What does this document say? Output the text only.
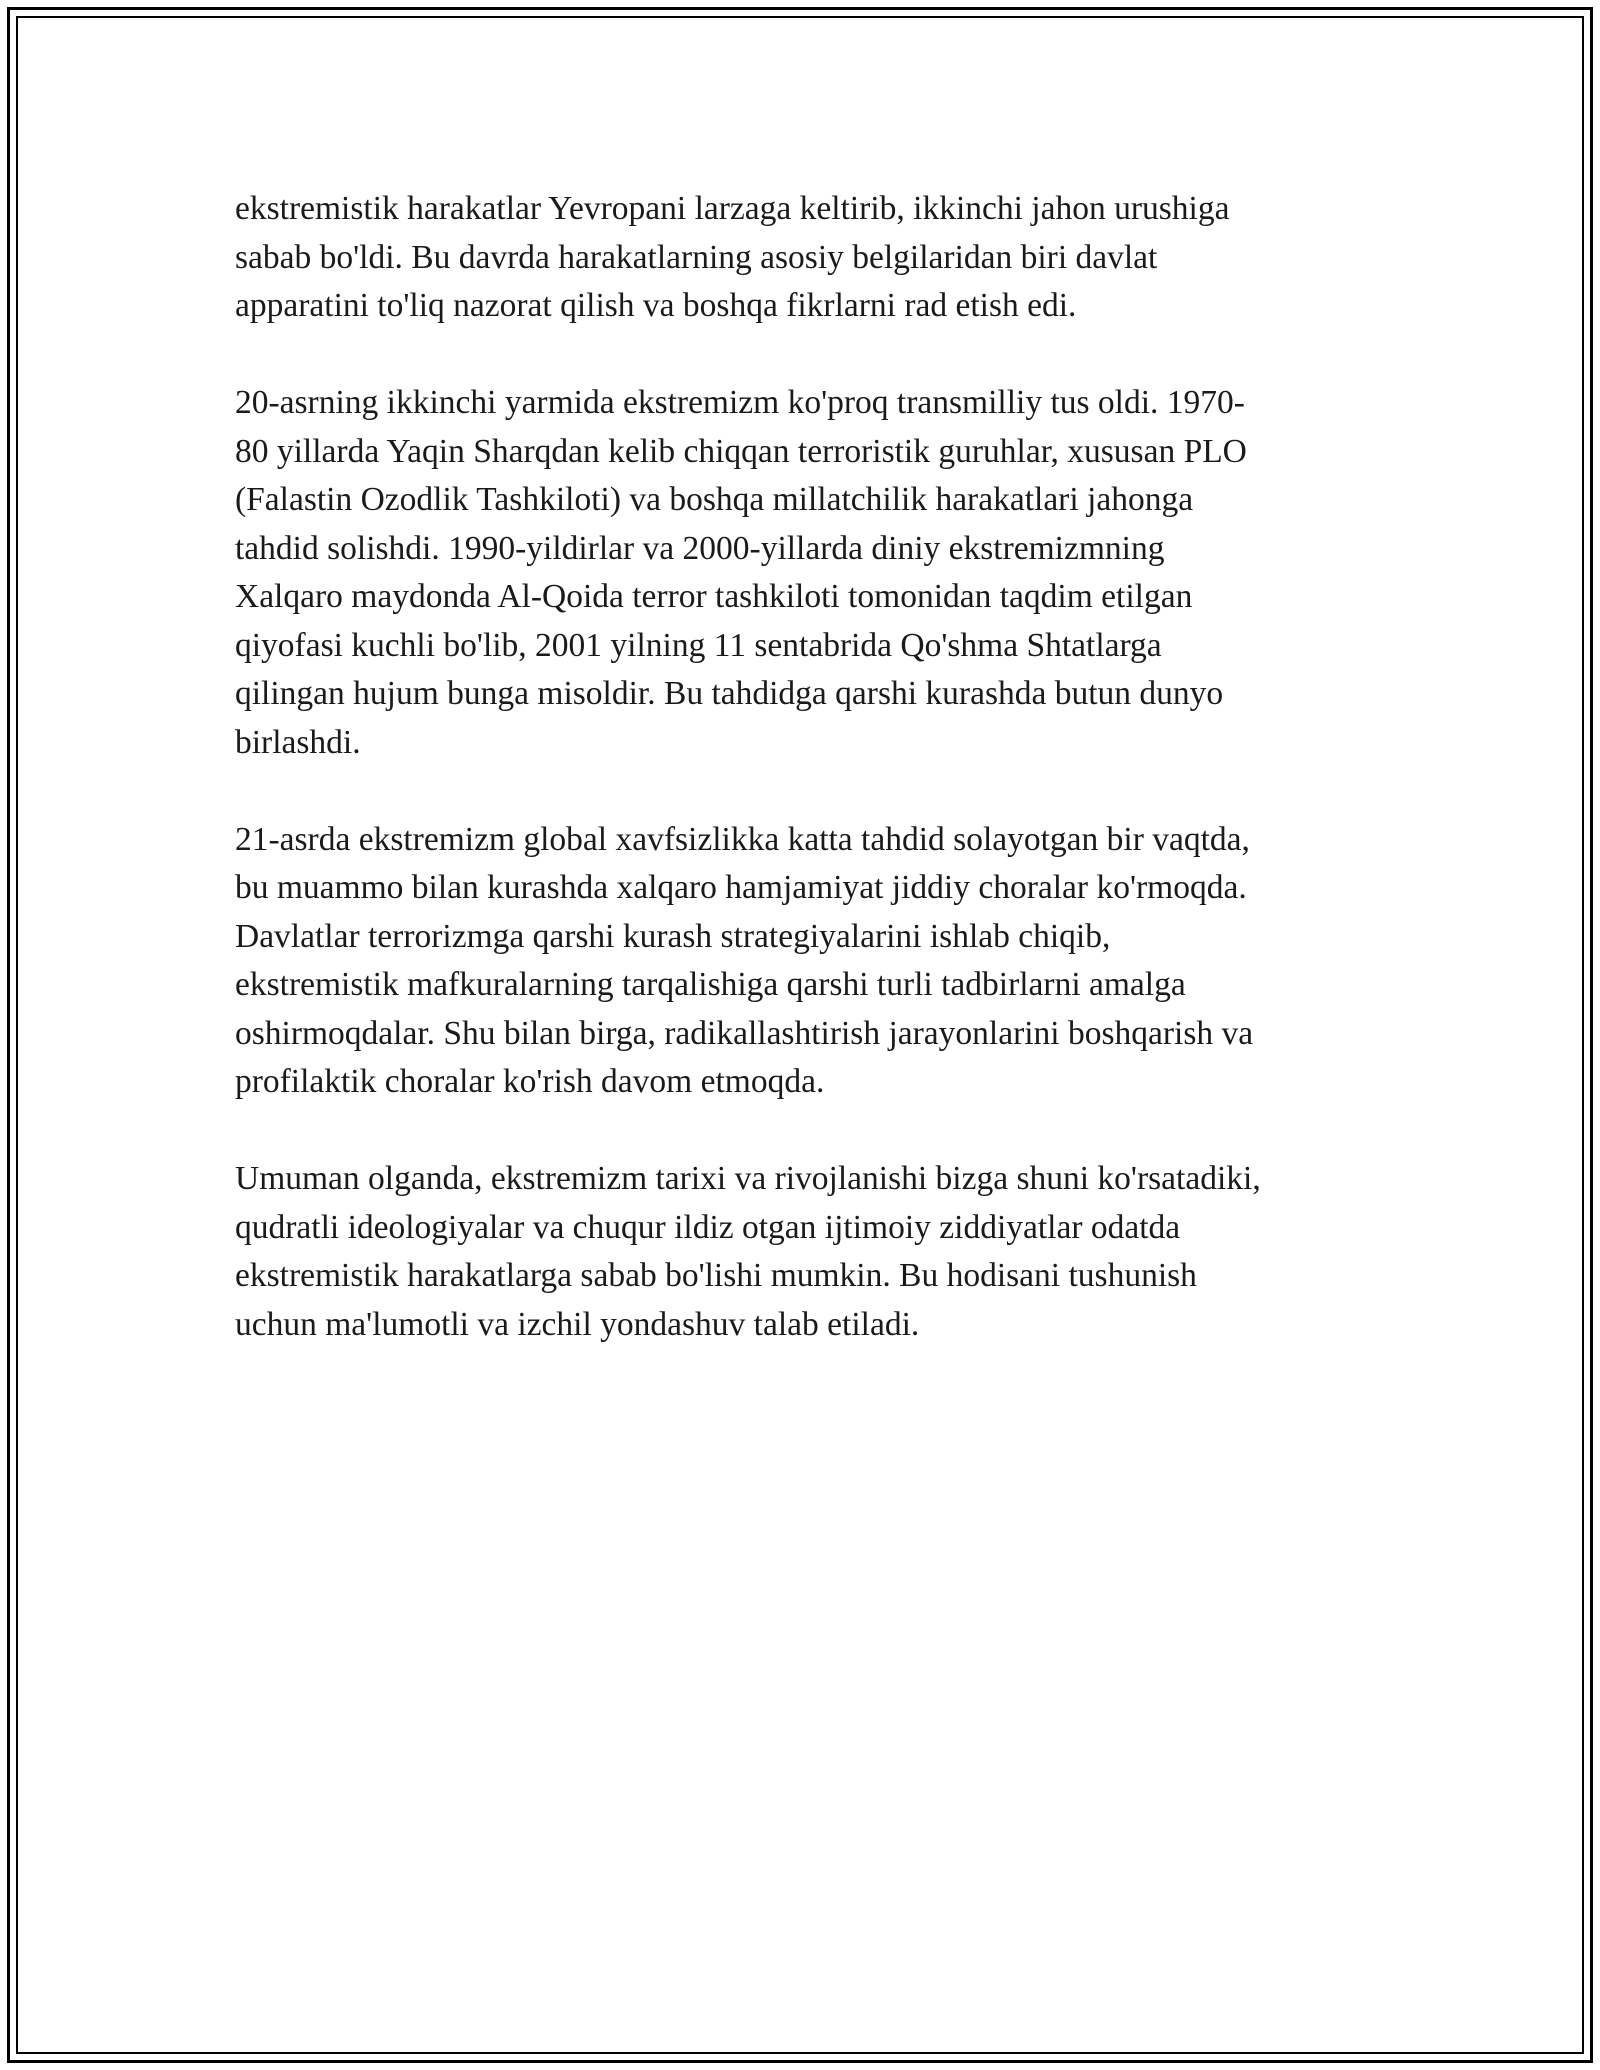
ekstremistik harakatlar Yevropani larzaga keltirib, ikkinchi jahon urushiga
sabab bo'ldi. Bu davrda harakatlarning asosiy belgilaridan biri davlat
apparatini to'liq nazorat qilish va boshqa fikrlarni rad etish edi.

20-asrning ikkinchi yarmida ekstremizm ko'proq transmilliy tus oldi. 1970-
80 yillarda Yaqin Sharqdan kelib chiqqan terroristik guruhlar, xususan PLO
(Falastin Ozodlik Tashkiloti) va boshqa millatchilik harakatlari jahonga
tahdid solishdi. 1990-yildirlar va 2000-yillarda diniy ekstremizmning
Xalqaro maydonda Al-Qoida terror tashkiloti tomonidan taqdim etilgan
qiyofasi kuchli bo'lib, 2001 yilning 11 sentabrida Qo'shma Shtatlarga
qilingan hujum bunga misoldir. Bu tahdidga qarshi kurashda butun dunyo
birlashdi.

21-asrda ekstremizm global xavfsizlikka katta tahdid solayotgan bir vaqtda,
bu muammo bilan kurashda xalqaro hamjamiyat jiddiy choralar ko'rmoqda.
Davlatlar terrorizmga qarshi kurash strategiyalarini ishlab chiqib,
ekstremistik mafkuralarning tarqalishiga qarshi turli tadbirlarni amalga
oshirmoqdalar. Shu bilan birga, radikallashtirish jarayonlarini boshqarish va
profilaktik choralar ko'rish davom etmoqda.

Umuman olganda, ekstremizm tarixi va rivojlanishi bizga shuni ko'rsatadiki,
qudratli ideologiyalar va chuqur ildiz otgan ijtimoiy ziddiyatlar odatda
ekstremistik harakatlarga sabab bo'lishi mumkin. Bu hodisani tushunish
uchun ma'lumotli va izchil yondashuv talab etiladi.
